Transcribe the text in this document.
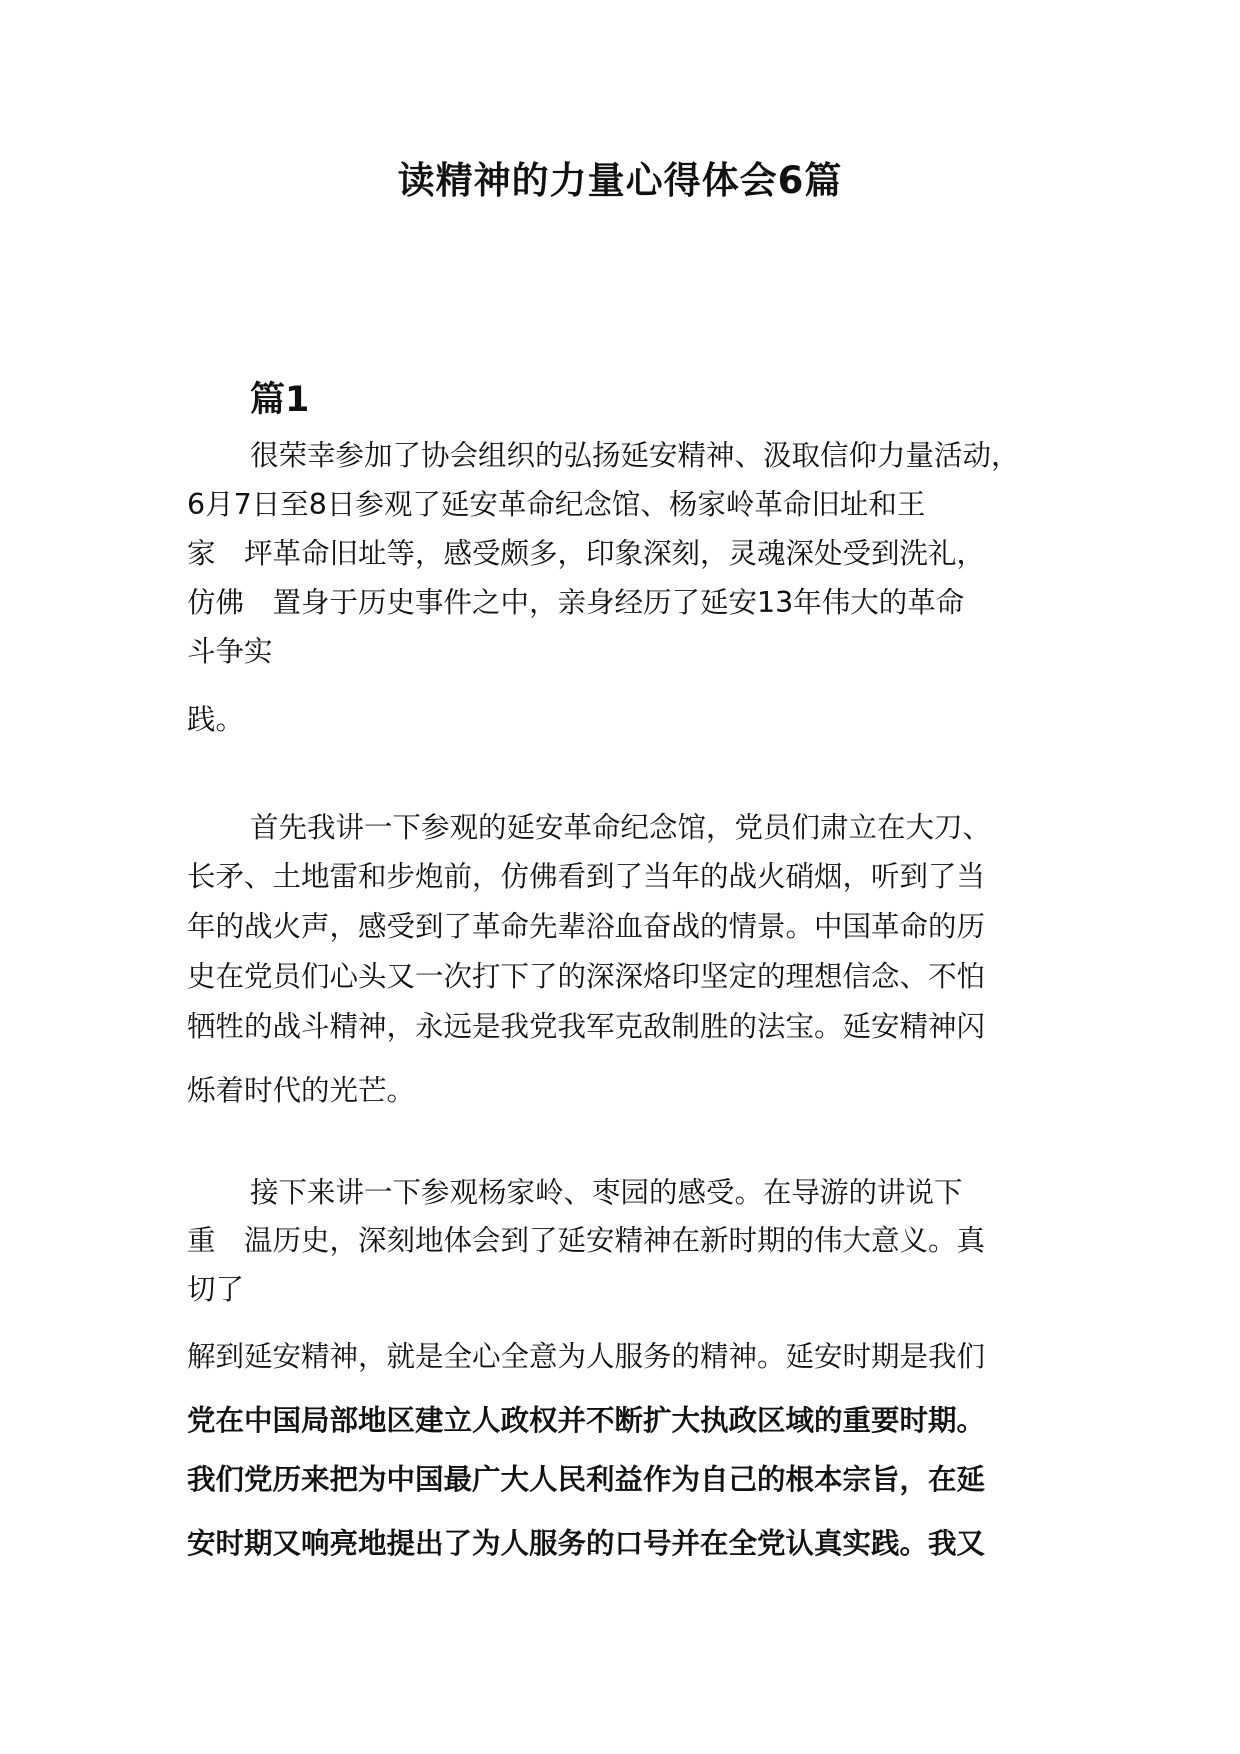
读精神的力量心得体会6篇
篇1

很荣幸参加了协会组织的弘扬延安精神、汲取信仰力量活动，

6月7日至8日参观了延安革命纪念馆、杨家岭革命旧址和王

家　坪革命旧址等，感受颇多，印象深刻，灵魂深处受到洗礼，

仿佛　置身于历史事件之中，亲身经历了延安13年伟大的革命

斗争实

践。

首先我讲一下参观的延安革命纪念馆，党员们肃立在大刀、

长矛、土地雷和步炮前，仿佛看到了当年的战火硝烟，听到了当

年的战火声，感受到了革命先辈浴血奋战的情景。中国革命的历

史在党员们心头又一次打下了的深深烙印坚定的理想信念、不怕

牺牲的战斗精神，永远是我党我军克敌制胜的法宝。延安精神闪

烁着时代的光芒。

接下来讲一下参观杨家岭、枣园的感受。在导游的讲说下

重　温历史，深刻地体会到了延安精神在新时期的伟大意义。真

切了

解到延安精神，就是全心全意为人服务的精神。延安时期是我们

党在中国局部地区建立人政权并不断扩大执政区域的重要时期。

我们党历来把为中国最广大人民利益作为自己的根本宗旨，在延

安时期又响亮地提出了为人服务的口号并在全党认真实践。我又
